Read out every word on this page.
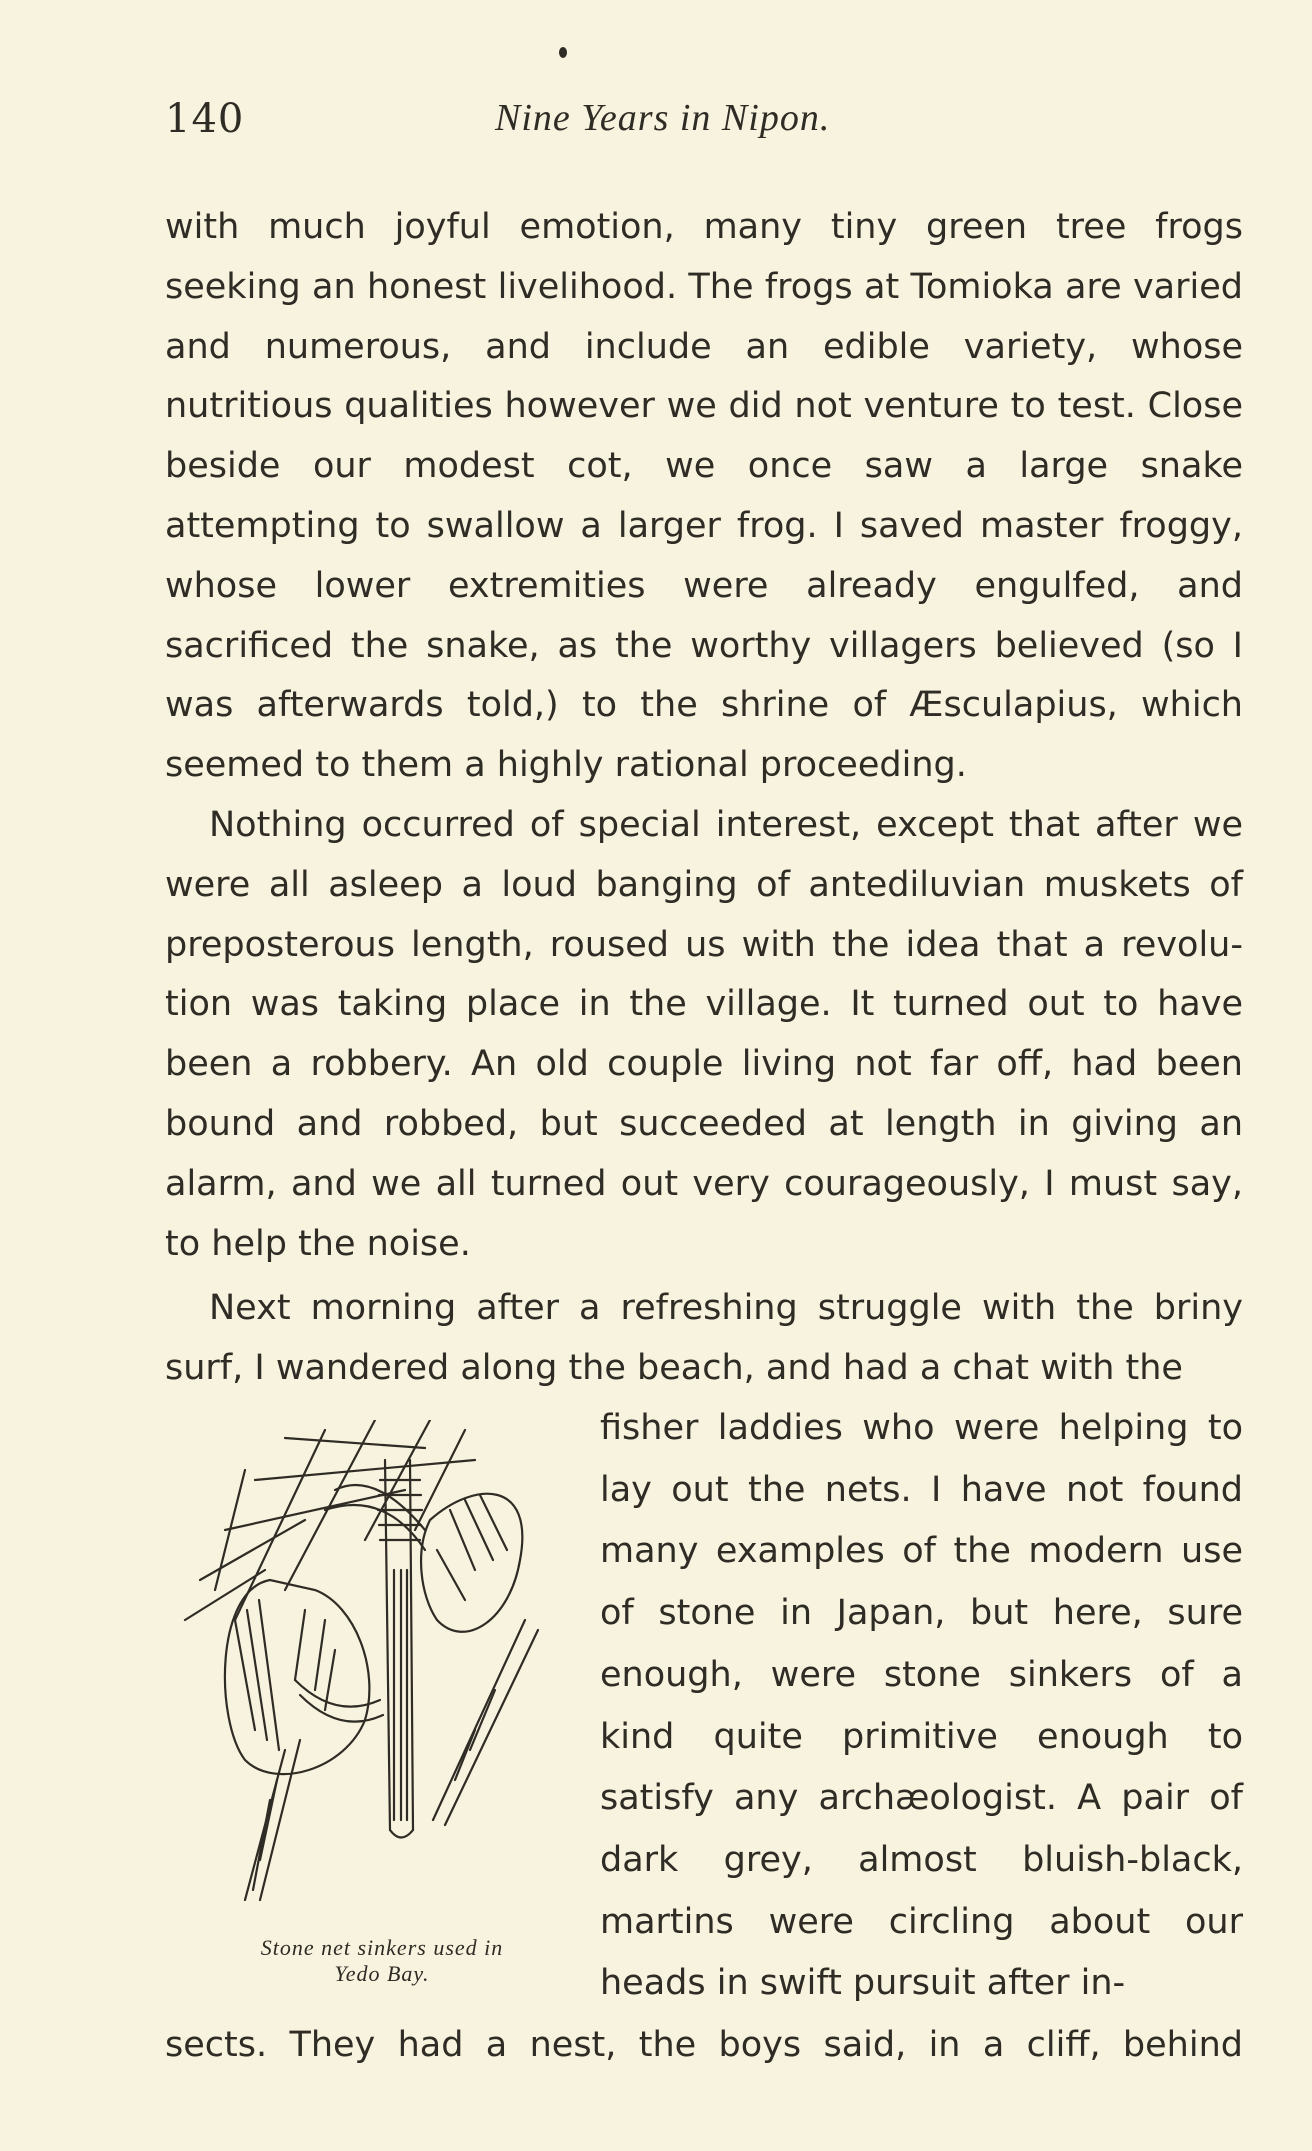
140	Nine Years in Nipon.

with much joyful emotion, many tiny green tree frogs seeking an honest livelihood. The frogs at Tomioka are varied and numerous, and include an edible variety, whose nutritious qualities however we did not venture to test. Close beside our modest cot, we once saw a large snake attempting to swallow a larger frog. I saved master froggy, whose lower extremities were already engulfed, and sacrificed the snake, as the worthy villagers believed (so I was afterwards told,) to the shrine of Æsculapius, which seemed to them a highly rational proceeding.

Nothing occurred of special interest, except that after we were all asleep a loud banging of antediluvian muskets of preposterous length, roused us with the idea that a revolu-tion was taking place in the village. It turned out to have been a robbery. An old couple living not far off, had been bound and robbed, but succeeded at length in giving an alarm, and we all turned out very courageously, I must say, to help the noise.

Next morning after a refreshing struggle with the briny surf, I wandered along the beach, and had a chat with the

Stone net sinkers used in
Yedo Bay.
fisher laddies who were helping to lay out the nets. I have not found many examples of the modern use of stone in Japan, but here, sure enough, were stone sinkers of a kind quite primitive enough to satisfy any archæologist. A pair of dark grey, almost bluish-black, martins were circling about our heads in swift pursuit after in-
sects. They had a nest, the boys said, in a cliff, behind
